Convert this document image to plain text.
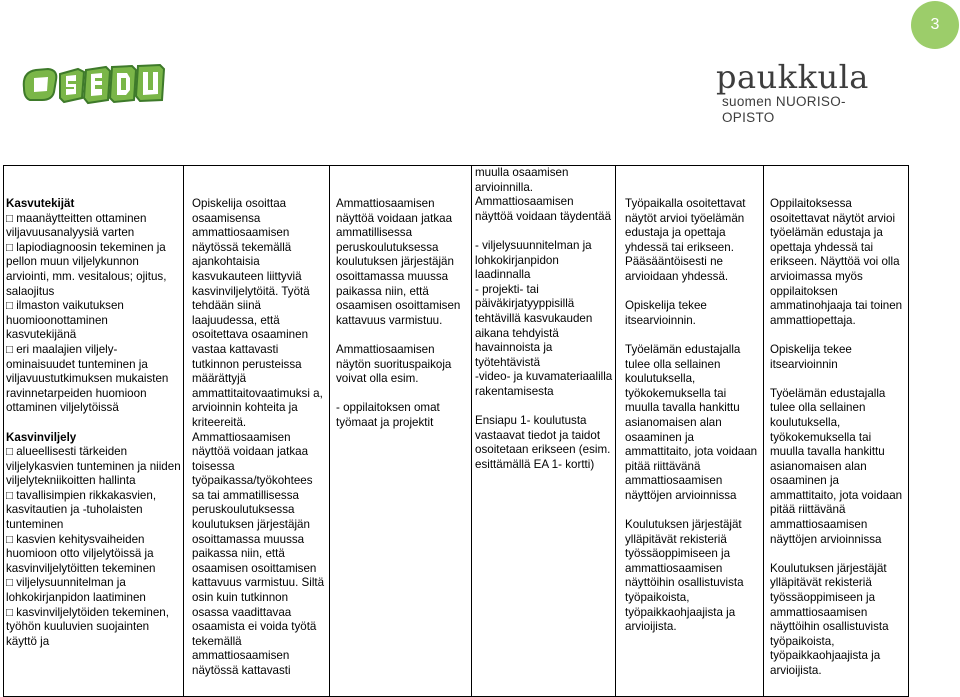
3
paukkula
suomen NUORISO-OPISTO
Kasvutekijät
□ maanäytteitten ottaminen viljavuusanalyysiä varten
□ lapiodiagnoosin tekeminen ja pellon muun viljelykunnon arviointi, mm. vesitalous; ojitus, salaojitus
□ ilmaston vaikutuksen huomioonottaminen kasvutekijänä
□ eri maalajien viljely-ominaisuudet tunteminen ja viljavuustutkimuksen mukaisten ravinnetarpeiden huomioon ottaminen viljelytöissä
Kasvinviljely
□ alueellisesti tärkeiden viljelykasvien tunteminen ja niiden viljelytekniikoitten hallinta
□ tavallisimpien rikkakasvien, kasvitautien ja -tuholaisten tunteminen
□ kasvien kehitysvaiheiden huomioon otto viljelytöissä ja kasvinviljelytöitten tekeminen
□ viljelysuunnitelman ja lohkokirjanpidon laatiminen
□ kasvinviljelytöiden tekeminen, työhön kuuluvien suojainten käyttö ja

Opiskelija osoittaa osaamisensa ammattiosaamisen näytössä tekemällä ajankohtaisia kasvukauteen liittyviä kasvinviljelytöitä. Työtä tehdään siinä laajuudessa, että osoitettava osaaminen vastaa kattavasti tutkinnon perusteissa määrättyjä ammattitaitovaatimuksi a, arvioinnin kohteita ja kriteereitä. Ammattiosaamisen näyttöä voidaan jatkaa toisessa työpaikassa/työkohtees sa tai ammatillisessa peruskoulutuksessa koulutuksen järjestäjän osoittamassa muussa paikassa niin, että osaamisen osoittamisen kattavuus varmistuu. Siltä osin kuin tutkinnon osassa vaadittavaa osaamista ei voida työtä tekemällä ammattiosaamisen näytössä kattavasti

Ammattiosaamisen näyttöä voidaan jatkaa ammatillisessa peruskoulutuksessa koulutuksen järjestäjän osoittamassa muussa paikassa niin, että osaamisen osoittamisen kattavuus varmistuu.
Ammattiosaamisen näytön suorituspaikoja voivat olla esim.
- oppilaitoksen omat työmaat ja projektit

muulla osaamisen arvioinnilla.
Ammattiosaamisen näyttöä voidaan täydentää
- viljelysuunnitelman ja lohkokirjanpidon laadinnalla
- projekti- tai päiväkirjatyyppisillä tehtävillä kasvukauden aikana tehdyistä havainnoista ja työtehtävistä
-video- ja kuvamateriaalilla rakentamisesta
Ensiapu 1- koulutusta vastaavat tiedot ja taidot osoitetaan erikseen (esim. esittämällä EA 1- kortti)

Työpaikalla osoitettavat näytöt arvioi työelämän edustaja ja opettaja yhdessä tai erikseen. Pääsääntöisesti ne arvioidaan yhdessä.
Opiskelija tekee itsearvioinnin.
Työelämän edustajalla tulee olla sellainen koulutuksella, työkokemuksella tai muulla tavalla hankittu asianomaisen alan osaaminen ja ammattitaito, jota voidaan pitää riittävänä ammattiosaamisen näyttöjen arvioinnissa
Koulutuksen järjestäjät ylläpitävät rekisteriä työssäoppimiseen ja ammattiosaamisen näyttöihin osallistuvista työpaikoista, työpaikkaohjaajista ja arvioijista.

Oppilaitoksessa osoitettavat näytöt arvioi työelämän edustaja ja opettaja yhdessä tai erikseen. Näyttöä voi olla arvioimassa myös oppilaitoksen ammatinohjaaja tai toinen ammattiopettaja.
Opiskelija tekee itsearvioinnin
Työelämän edustajalla tulee olla sellainen koulutuksella, työkokemuksella tai muulla tavalla hankittu asianomaisen alan osaaminen ja ammattitaito, jota voidaan pitää riittävänä ammattiosaamisen näyttöjen arvioinnissa
Koulutuksen järjestäjät ylläpitävät rekisteriä työssäoppimiseen ja ammattiosaamisen näyttöihin osallistuvista työpaikoista, työpaikkaohjaajista ja arvioijista.
